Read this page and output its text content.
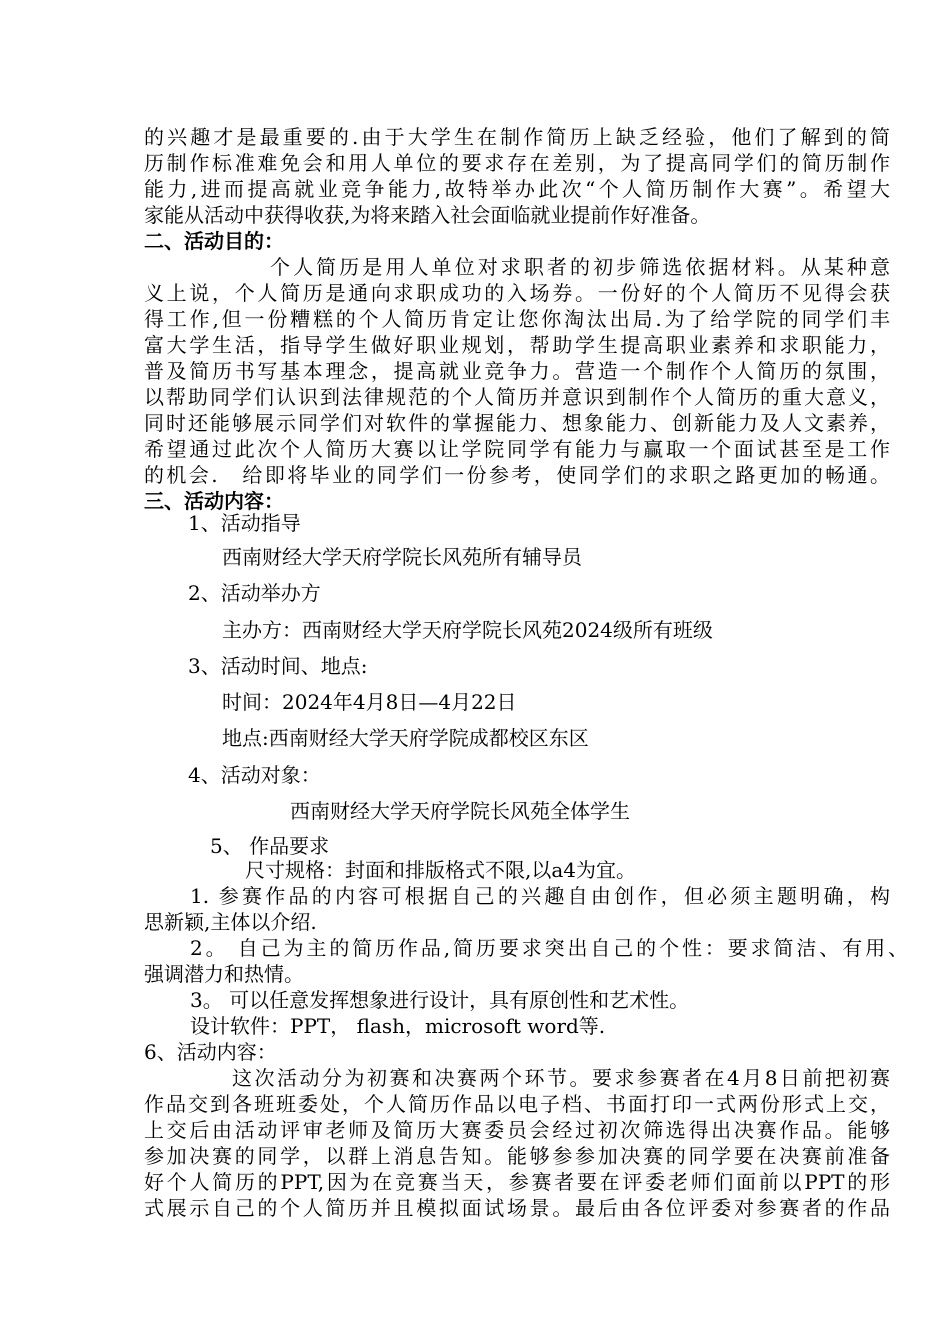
的兴趣才是最重要的.由于大学生在制作简历上缺乏经验，他们了解到的简
历制作标准难免会和用人单位的要求存在差别，为了提高同学们的简历制作
能力,进而提高就业竞争能力,故特举办此次“个人简历制作大赛”。希望大
家能从活动中获得收获,为将来踏入社会面临就业提前作好准备。
二、活动目的：
个人简历是用人单位对求职者的初步筛选依据材料。从某种意
义上说，个人简历是通向求职成功的入场券。一份好的个人简历不见得会获
得工作,但一份糟糕的个人简历肯定让您你淘汰出局.为了给学院的同学们丰
富大学生活，指导学生做好职业规划，帮助学生提高职业素养和求职能力，
普及简历书写基本理念，提高就业竞争力。营造一个制作个人简历的氛围，
以帮助同学们认识到法律规范的个人简历并意识到制作个人简历的重大意义，
同时还能够展示同学们对软件的掌握能力、想象能力、创新能力及人文素养，
希望通过此次个人简历大赛以让学院同学有能力与赢取一个面试甚至是工作
的机会.　给即将毕业的同学们一份参考，使同学们的求职之路更加的畅通。
三、活动内容：
1、活动指导
西南财经大学天府学院长风苑所有辅导员
2、活动举办方
主办方：西南财经大学天府学院长风苑2024级所有班级
3、活动时间、地点:
时间：2024年4月8日—4月22日
地点:西南财经大学天府学院成都校区东区
4、活动对象：
西南财经大学天府学院长风苑全体学生
5、 作品要求
尺寸规格：封面和排版格式不限,以a4为宜。
1. 参赛作品的内容可根据自己的兴趣自由创作，但必须主题明确，构
思新颖,主体以介绍.
2。 自己为主的简历作品,简历要求突出自己的个性：要求简洁、有用、
强调潜力和热情。
3。 可以任意发挥想象进行设计，具有原创性和艺术性。
设计软件：PPT， flash，microsoft word等.
6、活动内容：
这次活动分为初赛和决赛两个环节。要求参赛者在4月8日前把初赛
作品交到各班班委处，个人简历作品以电子档、书面打印一式两份形式上交，
上交后由活动评审老师及简历大赛委员会经过初次筛选得出决赛作品。能够
参加决赛的同学，以群上消息告知。能够参参加决赛的同学要在决赛前准备
好个人简历的PPT,因为在竞赛当天，参赛者要在评委老师们面前以PPT的形
式展示自己的个人简历并且模拟面试场景。最后由各位评委对参赛者的作品
